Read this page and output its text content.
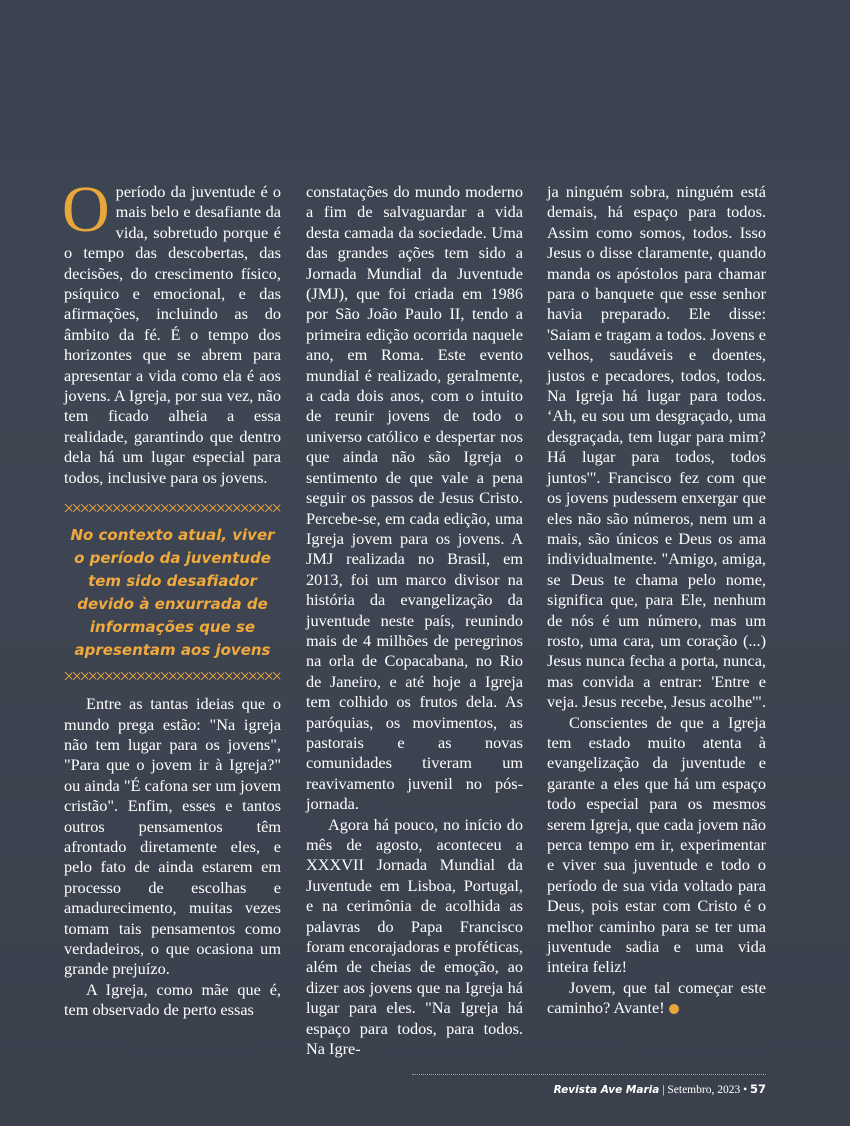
O período da juventude é o mais belo e desafiante da vida, sobretudo porque é o tempo das descobertas, das decisões, do crescimento físico, psíquico e emocional, e das afirmações, incluindo as do âmbito da fé. É o tempo dos horizontes que se abrem para apresentar a vida como ela é aos jovens. A Igreja, por sua vez, não tem ficado alheia a essa realidade, garantindo que dentro dela há um lugar especial para todos, inclusive para os jovens.

No contexto atual, viver o período da juventude tem sido desafiador devido à enxurrada de informações que se apresentam aos jovens

Entre as tantas ideias que o mundo prega estão: "Na igreja não tem lugar para os jovens", "Para que o jovem ir à Igreja?" ou ainda "É cafona ser um jovem cristão". Enfim, esses e tantos outros pensamentos têm afrontado diretamente eles, e pelo fato de ainda estarem em processo de escolhas e amadurecimento, muitas vezes tomam tais pensamentos como verdadeiros, o que ocasiona um grande prejuízo.

A Igreja, como mãe que é, tem observado de perto essas

constatações do mundo moderno a fim de salvaguardar a vida desta camada da sociedade. Uma das grandes ações tem sido a Jornada Mundial da Juventude (JMJ), que foi criada em 1986 por São João Paulo II, tendo a primeira edição ocorrida naquele ano, em Roma. Este evento mundial é realizado, geralmente, a cada dois anos, com o intuito de reunir jovens de todo o universo católico e despertar nos que ainda não são Igreja o sentimento de que vale a pena seguir os passos de Jesus Cristo. Percebe-se, em cada edição, uma Igreja jovem para os jovens. A JMJ realizada no Brasil, em 2013, foi um marco divisor na história da evangelização da juventude neste país, reunindo mais de 4 milhões de peregrinos na orla de Copacabana, no Rio de Janeiro, e até hoje a Igreja tem colhido os frutos dela. As paróquias, os movimentos, as pastorais e as novas comunidades tiveram um reavivamento juvenil no pós-jornada.

Agora há pouco, no início do mês de agosto, aconteceu a XXXVII Jornada Mundial da Juventude em Lisboa, Portugal, e na cerimônia de acolhida as palavras do Papa Francisco foram encorajadoras e proféticas, além de cheias de emoção, ao dizer aos jovens que na Igreja há lugar para eles. "Na Igreja há espaço para todos, para todos. Na Igre-

ja ninguém sobra, ninguém está demais, há espaço para todos. Assim como somos, todos. Isso Jesus o disse claramente, quando manda os apóstolos para chamar para o banquete que esse senhor havia preparado. Ele disse: 'Saiam e tragam a todos. Jovens e velhos, saudáveis e doentes, justos e pecadores, todos, todos. Na Igreja há lugar para todos. ‘Ah, eu sou um desgraçado, uma desgraçada, tem lugar para mim? Há lugar para todos, todos juntos'". Francisco fez com que os jovens pudessem enxergar que eles não são números, nem um a mais, são únicos e Deus os ama individualmente. "Amigo, amiga, se Deus te chama pelo nome, significa que, para Ele, nenhum de nós é um número, mas um rosto, uma cara, um coração (...) Jesus nunca fecha a porta, nunca, mas convida a entrar: 'Entre e veja. Jesus recebe, Jesus acolhe'".

Conscientes de que a Igreja tem estado muito atenta à evangelização da juventude e garante a eles que há um espaço todo especial para os mesmos serem Igreja, que cada jovem não perca tempo em ir, experimentar e viver sua juventude e todo o período de sua vida voltado para Deus, pois estar com Cristo é o melhor caminho para se ter uma juventude sadia e uma vida inteira feliz!

Jovem, que tal começar este caminho? Avante!

Revista Ave Maria | Setembro, 2023 • 57
